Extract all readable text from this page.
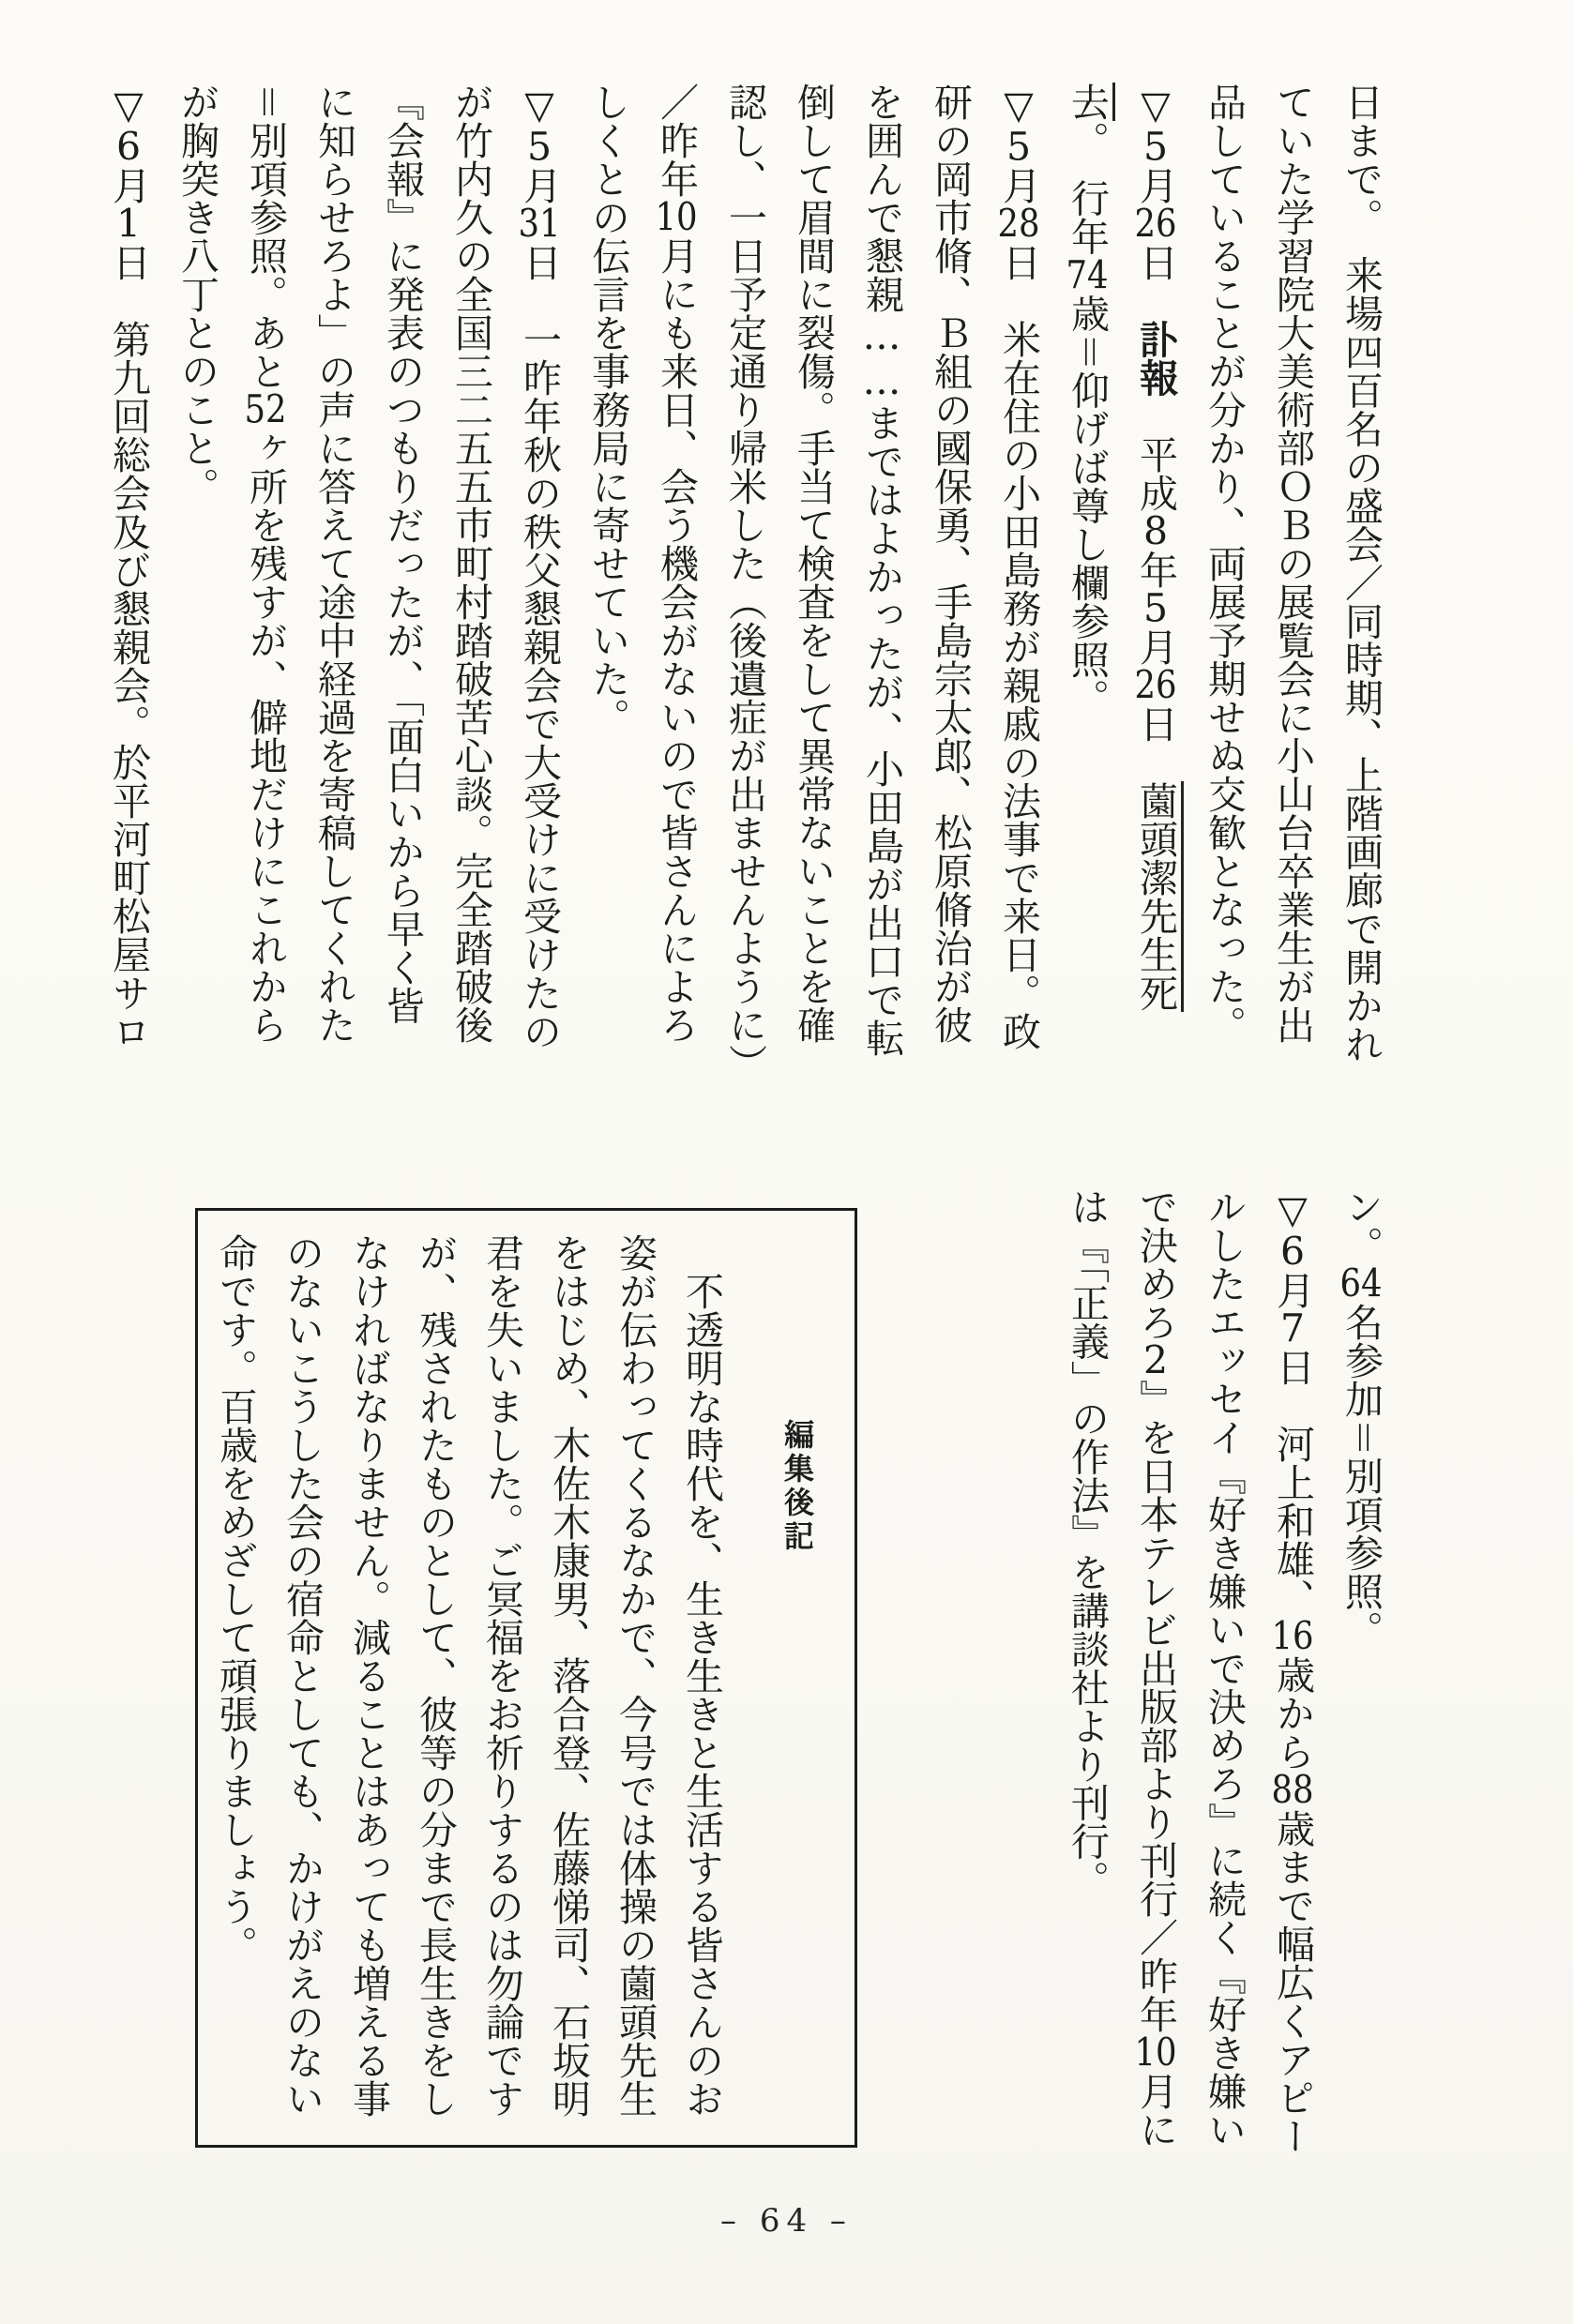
日まで。　来場四百名の盛会／同時期、上階画廊で開かれ
ていた学習院大美術部ＯＢの展覧会に小山台卒業生が出
品していることが分かり、両展予期せぬ交歓となった。
▽5月26日　訃報　平成8年5月26日　薗頭潔先生死
去。　行年74歳＝仰げば尊し欄参照。
▽5月28日　米在住の小田島務が親戚の法事で来日。政
研の岡市脩、Ｂ組の國保勇、手島宗太郎、松原脩治が彼
を囲んで懇親……まではよかったが、小田島が出口で転
倒して眉間に裂傷。手当て検査をして異常ないことを確
認し、一日予定通り帰米した（後遺症が出ませんように）
／昨年10月にも来日、会う機会がないので皆さんによろ
しくとの伝言を事務局に寄せていた。
▽5月31日　一昨年秋の秩父懇親会で大受けに受けたの
が竹内久の全国三二五五市町村踏破苦心談。完全踏破後
『会報』に発表のつもりだったが、「面白いから早く皆
に知らせろよ」の声に答えて途中経過を寄稿してくれた
＝別項参照。あと52ヶ所を残すが、僻地だけにこれから
が胸突き八丁とのこと。
▽6月1日　第九回総会及び懇親会。於平河町松屋サロ
ン。64名参加＝別項参照。
▽6月7日　河上和雄、16歳から88歳まで幅広くアピー
ルしたエッセイ『好き嫌いで決めろ』に続く『好き嫌い
で決めろ2』を日本テレビ出版部より刊行／昨年10月に
は『「正義」の作法』を講談社より刊行。
編集後記
不透明な時代を、生き生きと生活する皆さんのお
姿が伝わってくるなかで、今号では体操の薗頭先生
をはじめ、木佐木康男、落合登、佐藤悌司、石坂明
君を失いました。ご冥福をお祈りするのは勿論です
が、残されたものとして、彼等の分まで長生きをし
なければなりません。減ることはあっても増える事
のないこうした会の宿命としても、かけがえのない
命です。百歳をめざして頑張りましょう。
– 64 –
